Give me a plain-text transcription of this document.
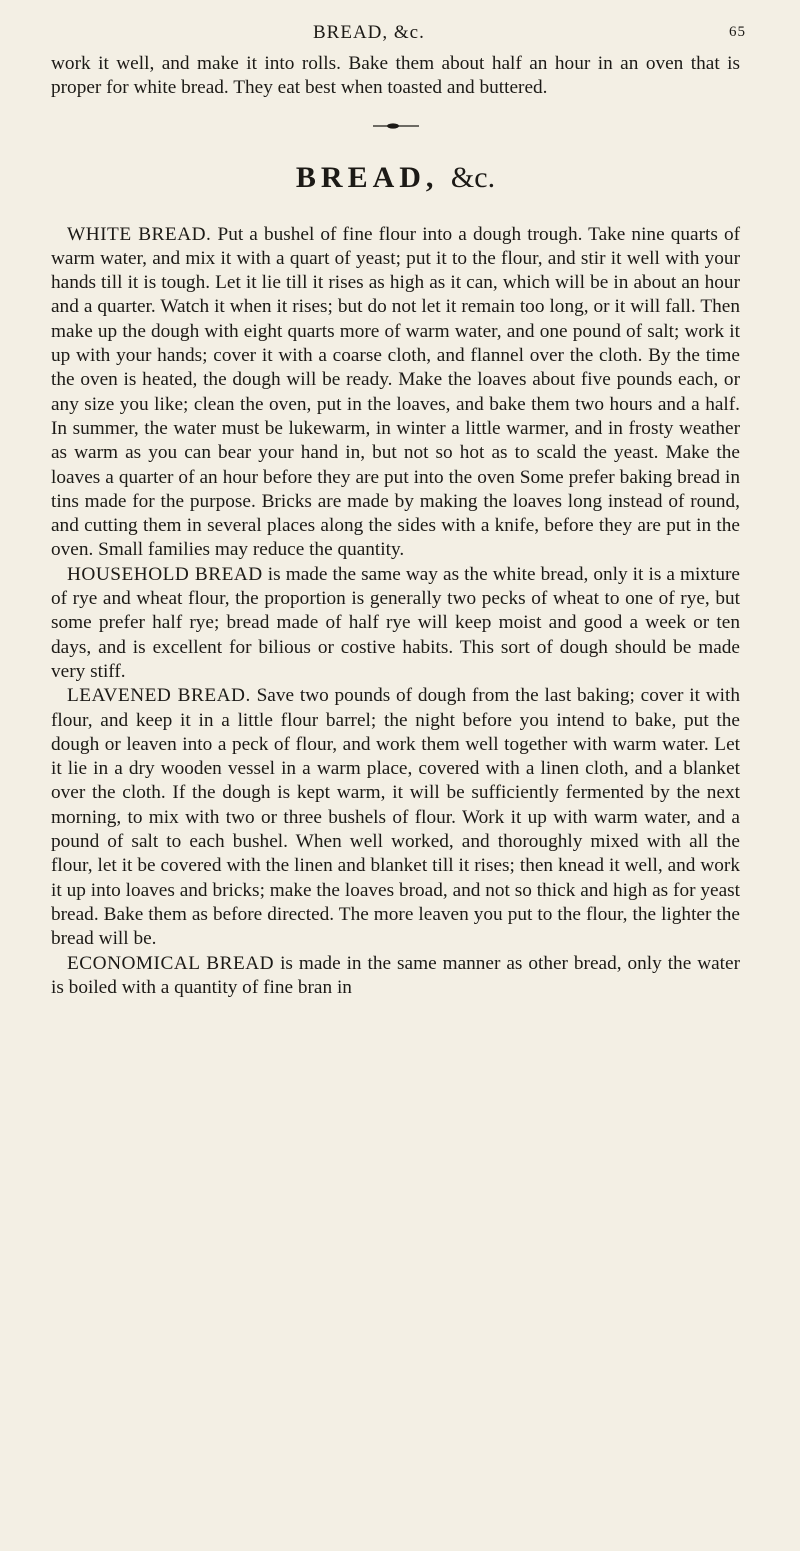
BREAD, &c.	65

work it well, and make it into rolls. Bake them about half an hour in an oven that is proper for white bread. They eat best when toasted and buttered.

BREAD, &c.

WHITE BREAD. Put a bushel of fine flour into a dough trough. Take nine quarts of warm water, and mix it with a quart of yeast; put it to the flour, and stir it well with your hands till it is tough. Let it lie till it rises as high as it can, which will be in about an hour and a quarter. Watch it when it rises; but do not let it remain too long, or it will fall. Then make up the dough with eight quarts more of warm water, and one pound of salt; work it up with your hands; cover it with a coarse cloth, and flannel over the cloth. By the time the oven is heated, the dough will be ready. Make the loaves about five pounds each, or any size you like; clean the oven, put in the loaves, and bake them two hours and a half. In summer, the water must be lukewarm, in winter a little warmer, and in frosty weather as warm as you can bear your hand in, but not so hot as to scald the yeast. Make the loaves a quarter of an hour before they are put into the oven Some prefer baking bread in tins made for the purpose. Bricks are made by making the loaves long instead of round, and cutting them in several places along the sides with a knife, before they are put in the oven. Small families may reduce the quantity.

HOUSEHOLD BREAD is made the same way as the white bread, only it is a mixture of rye and wheat flour, the proportion is generally two pecks of wheat to one of rye, but some prefer half rye; bread made of half rye will keep moist and good a week or ten days, and is excellent for bilious or costive habits. This sort of dough should be made very stiff.

LEAVENED BREAD. Save two pounds of dough from the last baking; cover it with flour, and keep it in a little flour barrel; the night before you intend to bake, put the dough or leaven into a peck of flour, and work them well together with warm water. Let it lie in a dry wooden vessel in a warm place, covered with a linen cloth, and a blanket over the cloth. If the dough is kept warm, it will be sufficiently fermented by the next morning, to mix with two or three bushels of flour. Work it up with warm water, and a pound of salt to each bushel. When well worked, and thoroughly mixed with all the flour, let it be covered with the linen and blanket till it rises; then knead it well, and work it up into loaves and bricks; make the loaves broad, and not so thick and high as for yeast bread. Bake them as before directed. The more leaven you put to the flour, the lighter the bread will be.

ECONOMICAL BREAD is made in the same manner as other bread, only the water is boiled with a quantity of fine bran in
